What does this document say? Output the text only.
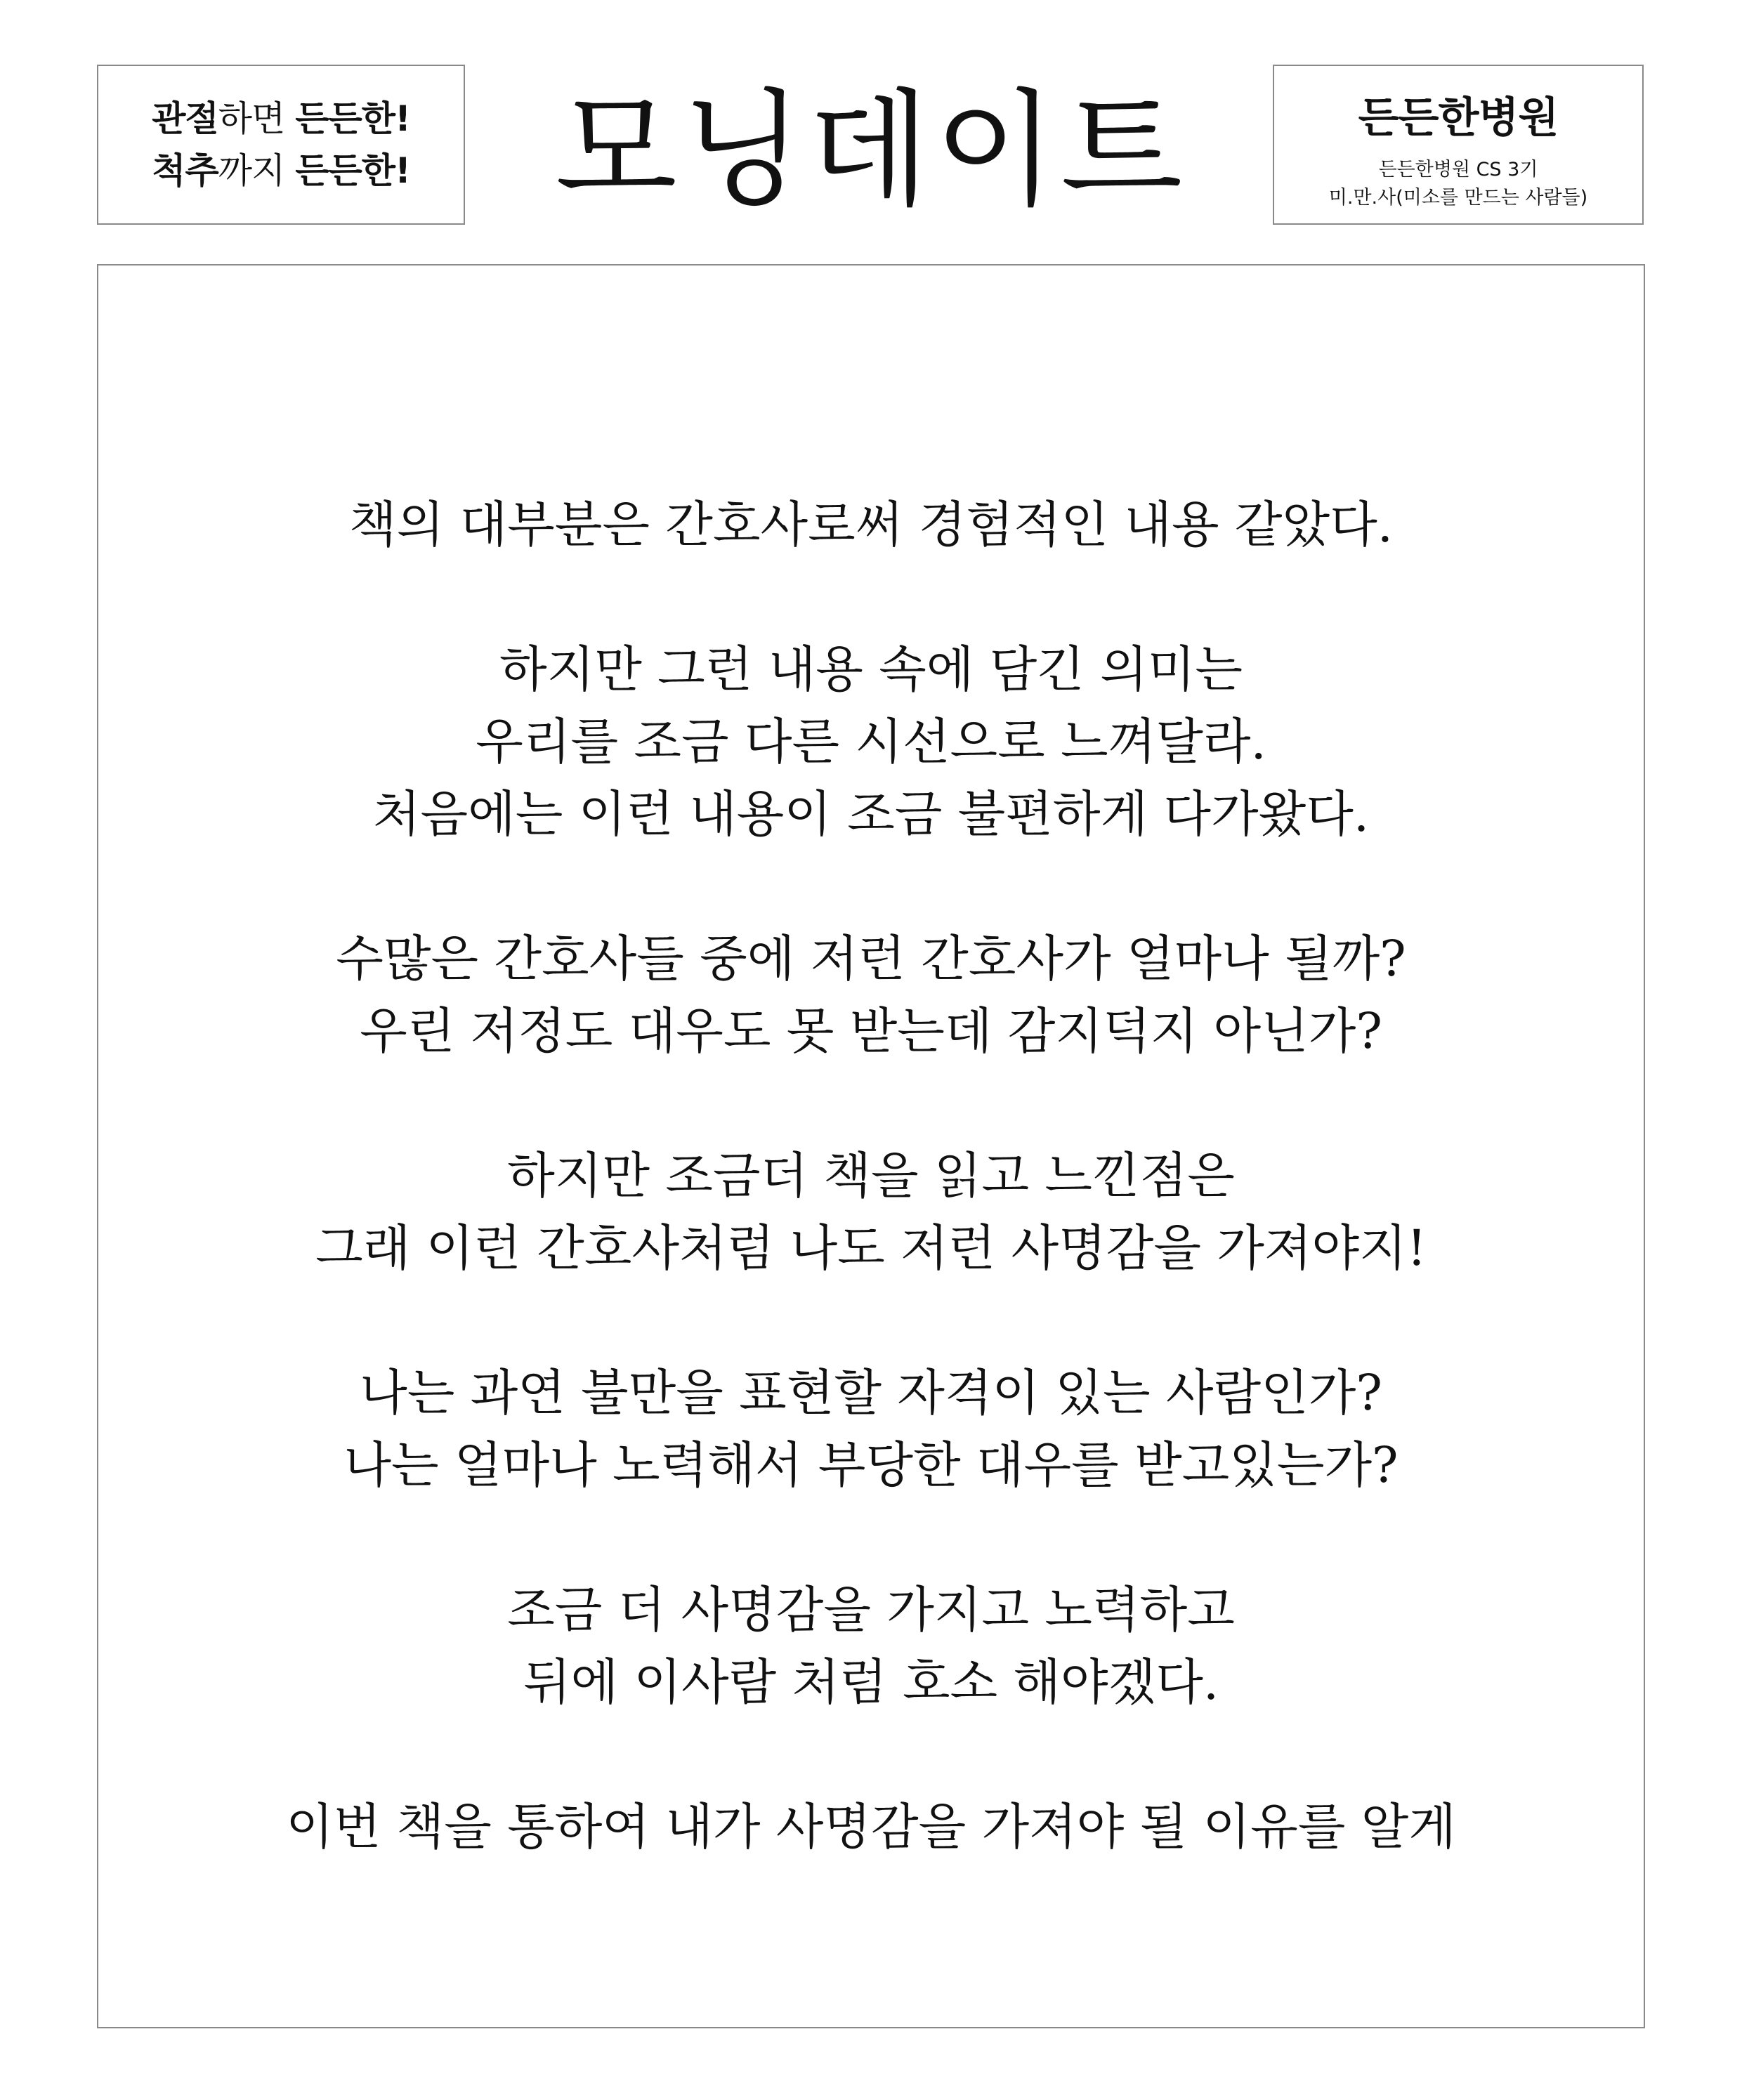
관절하면 든든한!
척추까지 든든한!	모닝데이트	든든한병원
든든한병원 CS 3기
미.만.사(미소를 만드는 사람들)
책의 대부분은 간호사로써 경험적인 내용 같았다.
하지만 그런 내용 속에 담긴 의미는
우리를 조금 다른 시선으로 느껴달라.
처음에는 이런 내용이 조금 불편하게 다가왔다.
수많은 간호사들 중에 저런 간호사가 얼마나 될까?
우린 저정도 대우도 못 받는데 감지덕지 아닌가?
하지만 조금더 책을 읽고 느낀점은
그래 이런 간호사처럼 나도 저런 사명감을 가져야지!
나는 과연 불만을 표현할 자격이 있는 사람인가?
나는 얼마나 노력해서 부당한 대우를 받고있는가?
조금 더 사명감을 가지고 노력하고
뒤에 이사람 처럼 호소 해야겠다.
이번 책을 통하여 내가 사명감을 가져야 될 이유를 알게
